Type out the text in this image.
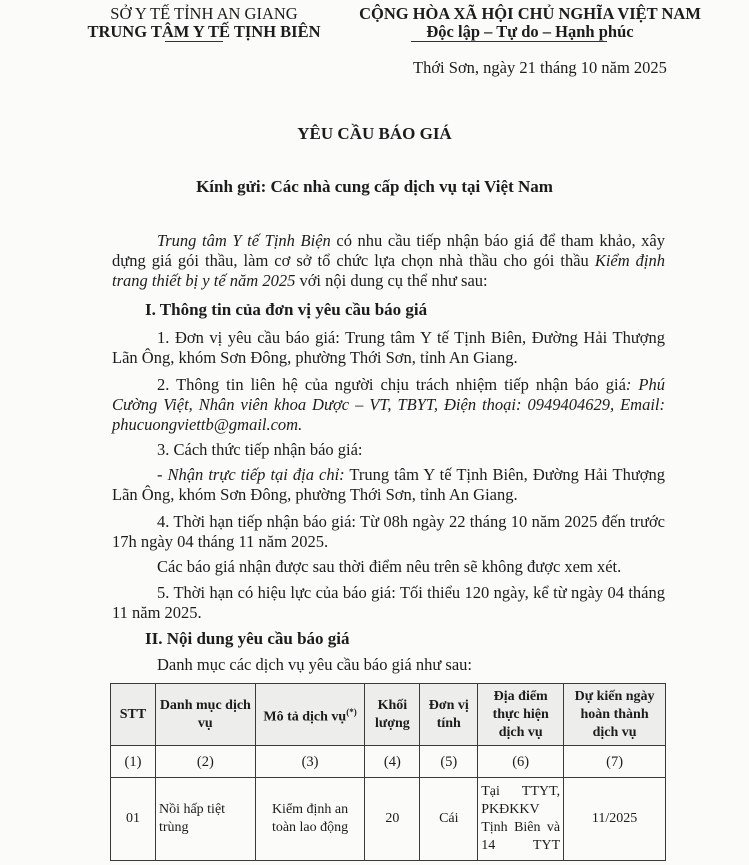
SỞ Y TẾ TỈNH AN GIANG
TRUNG TÂM Y TẾ TỊNH BIÊN
CỘNG HÒA XÃ HỘI CHỦ NGHĨA VIỆT NAM
Độc lập – Tự do – Hạnh phúc
Thới Sơn, ngày 21 tháng 10 năm 2025
YÊU CẦU BÁO GIÁ
Kính gửi: Các nhà cung cấp dịch vụ tại Việt Nam
Trung tâm Y tế Tịnh Biện có nhu cầu tiếp nhận báo giá để tham khảo, xây dựng giá gói thầu, làm cơ sở tổ chức lựa chọn nhà thầu cho gói thầu Kiểm định trang thiết bị y tế năm 2025 với nội dung cụ thể như sau:
I. Thông tin của đơn vị yêu cầu báo giá
1. Đơn vị yêu cầu báo giá: Trung tâm Y tế Tịnh Biên, Đường Hải Thượng Lãn Ông, khóm Sơn Đông, phường Thới Sơn, tỉnh An Giang.
2. Thông tin liên hệ của người chịu trách nhiệm tiếp nhận báo giá: Phú Cường Việt, Nhân viên khoa Dược – VT, TBYT, Điện thoại: 0949404629, Email: phucuongviettb@gmail.com.
3. Cách thức tiếp nhận báo giá:
- Nhận trực tiếp tại địa chỉ: Trung tâm Y tế Tịnh Biên, Đường Hải Thượng Lãn Ông, khóm Sơn Đông, phường Thới Sơn, tỉnh An Giang.
4. Thời hạn tiếp nhận báo giá: Từ 08h ngày 22 tháng 10 năm 2025 đến trước 17h ngày 04 tháng 11 năm 2025.
Các báo giá nhận được sau thời điểm nêu trên sẽ không được xem xét.
5. Thời hạn có hiệu lực của báo giá: Tối thiểu 120 ngày, kể từ ngày 04 tháng 11 năm 2025.
II. Nội dung yêu cầu báo giá
Danh mục các dịch vụ yêu cầu báo giá như sau:
STT	Danh mục dịch vụ	Mô tả dịch vụ(*)	Khối lượng	Đơn vị tính	Địa điểm thực hiện dịch vụ	Dự kiến ngày hoàn thành dịch vụ
(1)	(2)	(3)	(4)	(5)	(6)	(7)
01	Nồi hấp tiệt trùng	Kiểm định an toàn lao động	20	Cái	Tại TTYT, PKĐKKV Tịnh Biên và 14 TYT	11/2025
